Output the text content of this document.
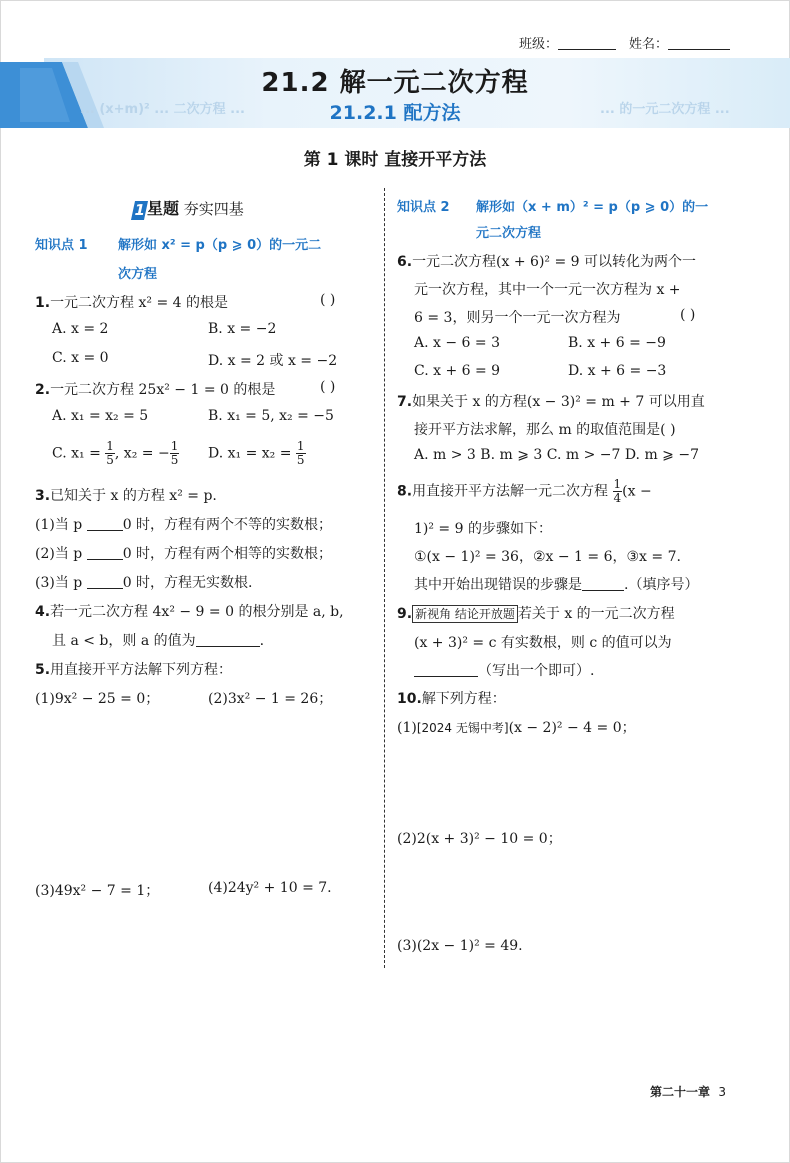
班级：	姓名：
... (x+m)² ... 二次方程 ...	... 的一元二次方程 ...
21.2 解一元二次方程
21.2.1 配方法
第 1 课时 直接开平方法
1星题 夯实四基
知识点 1 解形如 x² = p（p ⩾ 0）的一元二
次方程
1.一元二次方程 x² = 4 的根是	( )
A. x = 2	B. x = −2
C. x = 0	D. x = 2 或 x = −2
2.一元二次方程 25x² − 1 = 0 的根是	( )
A. x₁ = x₂ = 5	B. x₁ = 5, x₂ = −5
C. $x_1 = \frac{1}{5}$ , x₂ = − $\frac{1}{5} D$. $x_1 = x_2 = \frac{1}{5}$
3.已知关于 x 的方程 x² = p.
(1)当 p	0 时，方程有两个不等的实数根；
(2)当 p	0 时，方程有两个相等的实数根；
(3)当 p	0 时，方程无实数根.
4.若一元二次方程 4x² − 9 = 0 的根分别是 a, b,
且 a < b，则 a 的值为	.
5.用直接开平方法解下列方程：
(1)9x² − 25 = 0；	(2)3x² − 1 = 26；
(3)49x² − 7 = 1；	(4)24y² + 10 = 7.
知识点 2 解形如（x + m）² = p（p ⩾ 0）的一
元二次方程
6.一元二次方程(x + 6)² = 9 可以转化为两个一
元一次方程，其中一个一元一次方程为 x +
6 = 3，则另一个一元一次方程为	( )
A. x − 6 = 3	B. x + 6 = −9
C. x + 6 = 9	D. x + 6 = −3
7.如果关于 x 的方程(x − 3)² = m + 7 可以用直
接开平方法求解，那么 m 的取值范围是( )
A. m > 3 B. m ⩾ 3 C. m > −7 D. m ⩾ −7
8.用直接开平方法解一元二次方程 $\frac{1}{4} (x$ −
1)² = 9 的步骤如下：
①(x − 1)² = 36，②x − 1 = 6，③x = 7.
其中开始出现错误的步骤是	.（填序号）
9. 新视角 结论开放题 若关于 x 的一元二次方程
(x + 3)² = c 有实数根，则 c 的值可以为
（写出一个即可）.
10.解下列方程：
(1)[2024 无锡中考](x − 2)² − 4 = 0；
(2)2(x + 3)² − 10 = 0；
(3)(2x − 1)² = 49.
第二十一章 3
